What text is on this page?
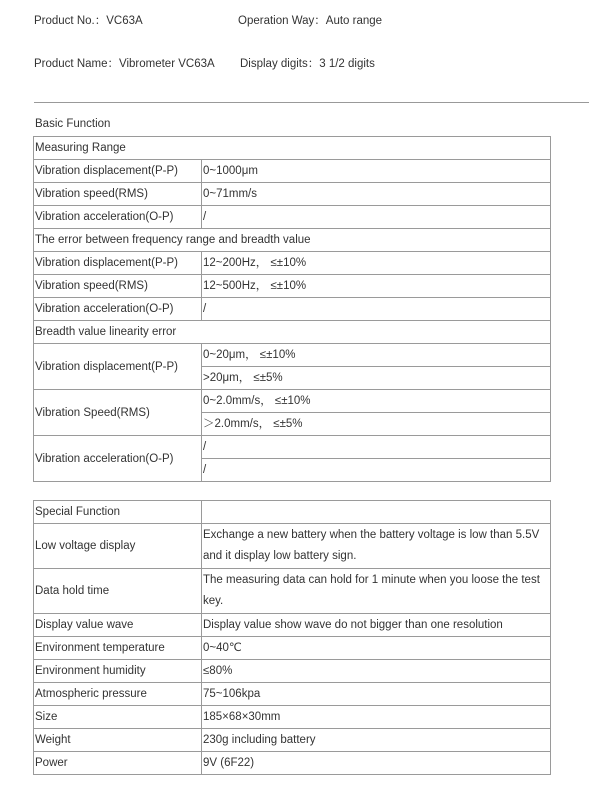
Product No.：VC63A	Operation Way：Auto range
Product Name：Vibrometer VC63A Display digits：3 1/2 digits
Basic Function
Measuring Range	
Vibration displacement(P-P)	0~1000μm
Vibration speed(RMS)	0~71mm/s
Vibration acceleration(O-P)	/
The error between frequency range and breadth value	
Vibration displacement(P-P)	12~200Hz， ≤±10%
Vibration speed(RMS)	12~500Hz， ≤±10%
Vibration acceleration(O-P)	/
Breadth value linearity error	
Vibration displacement(P-P)	0~20μm， ≤±10%
	>20μm， ≤±5%
Vibration Speed(RMS)	0~2.0mm/s， ≤±10%
	＞2.0mm/s， ≤±5%
Vibration acceleration(O-P)	/
	/
Special Function	
Low voltage display	Exchange a new battery when the battery voltage is low than 5.5V and it display low battery sign.
Data hold time	The measuring data can hold for 1 minute when you loose the test key.
Display value wave	Display value show wave do not bigger than one resolution
Environment temperature	0~40℃
Environment humidity	≤80%
Atmospheric pressure	75~106kpa
Size	185×68×30mm
Weight	230g including battery
Power	9V (6F22)
